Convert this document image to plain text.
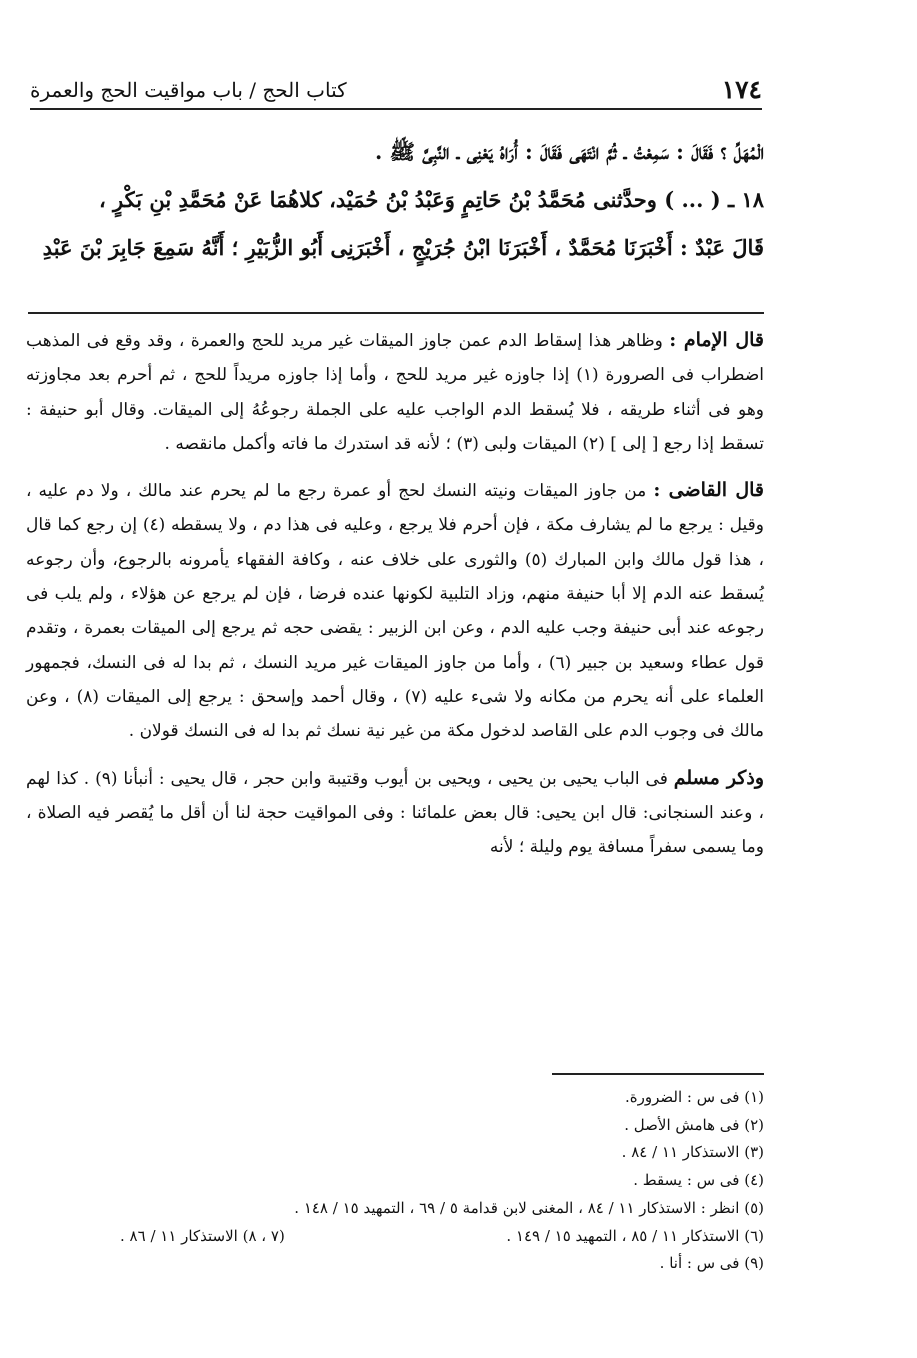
١٧٤
كتاب الحج / باب مواقيت الحج والعمرة

الْمُهَلِّ ؟ فَقَالَ : سَمِعْتُ ـ ثُمَّ انْتَهَى فَقَالَ : أُرَاهُ يَعْنِى ـ النَّبِىَّ ﷺ .

١٨ ـ ( ... ) وحدَّثنى مُحَمَّدُ بْنُ حَاتِمٍ وَعَبْدُ بْنُ حُمَيْد، كلاهُمَا عَنْ مُحَمَّدِ بْنِ بَكْرٍ ،

قَالَ عَبْدٌ : أَخْبَرَنَا مُحَمَّدٌ ، أَخْبَرَنَا ابْنُ جُرَيْجٍ ، أَخْبَرَنِى أَبُو الزُّبَيْرِ ؛ أَنَّهُ سَمِعَ جَابِرَ بْنَ عَبْدِ

قال الإمام : وظاهر هذا إسقاط الدم عمن جاوز الميقات غير مريد للحج والعمرة ، وقد وقع فى المذهب اضطراب فى الصرورة (١) إذا جاوزه غير مريد للحج ، وأما إذا جاوزه مريداً للحج ، ثم أحرم بعد مجاوزته وهو فى أثناء طريقه ، فلا يُسقط الدم الواجب عليه على الجملة رجوعُهُ إلى الميقات. وقال أبو حنيفة : تسقط إذا رجع [ إلى ] (٢) الميقات ولبى (٣) ؛ لأنه قد استدرك ما فاته وأكمل مانقصه .

قال القاضى : من جاوز الميقات ونيته النسك لحج أو عمرة رجع ما لم يحرم عند مالك ، ولا دم عليه ، وقيل : يرجع ما لم يشارف مكة ، فإن أحرم فلا يرجع ، وعليه فى هذا دم ، ولا يسقطه (٤) إن رجع كما قال ، هذا قول مالك وابن المبارك (٥) والثورى على خلاف عنه ، وكافة الفقهاء يأمرونه بالرجوع، وأن رجوعه يُسقط عنه الدم إلا أبا حنيفة منهم، وزاد التلبية لكونها عنده فرضا ، فإن لم يرجع عن هؤلاء ، ولم يلب فى رجوعه عند أبى حنيفة وجب عليه الدم ، وعن ابن الزبير : يقضى حجه ثم يرجع إلى الميقات بعمرة ، وتقدم قول عطاء وسعيد بن جبير (٦) ، وأما من جاوز الميقات غير مريد النسك ، ثم بدا له فى النسك، فجمهور العلماء على أنه يحرم من مكانه ولا شىء عليه (٧) ، وقال أحمد وإسحق : يرجع إلى الميقات (٨) ، وعن مالك فى وجوب الدم على القاصد لدخول مكة من غير نية نسك ثم بدا له فى النسك قولان .

وذكر مسلم فى الباب يحيى بن يحيى ، ويحيى بن أيوب وقتيبة وابن حجر ، قال يحيى : أنبأنا (٩) . كذا لهم ، وعند السنجانى: قال ابن يحيى: قال بعض علمائنا : وفى المواقيت حجة لنا أن أقل ما يُقصر فيه الصلاة ، وما يسمى سفراً مسافة يوم وليلة ؛ لأنه

(١) فى س : الضرورة.
(٢) فى هامش الأصل .
(٣) الاستذكار ١١ / ٨٤ .
(٤) فى س : يسقط .
(٥) انظر : الاستذكار ١١ / ٨٤ ، المغنى لابن قدامة ٥ / ٦٩ ، التمهيد ١٥ / ١٤٨ .
(٦) الاستذكار ١١ / ٨٥ ، التمهيد ١٥ / ١٤٩ .
(٧ ، ٨) الاستذكار ١١ / ٨٦ .
(٩) فى س : أنا .
